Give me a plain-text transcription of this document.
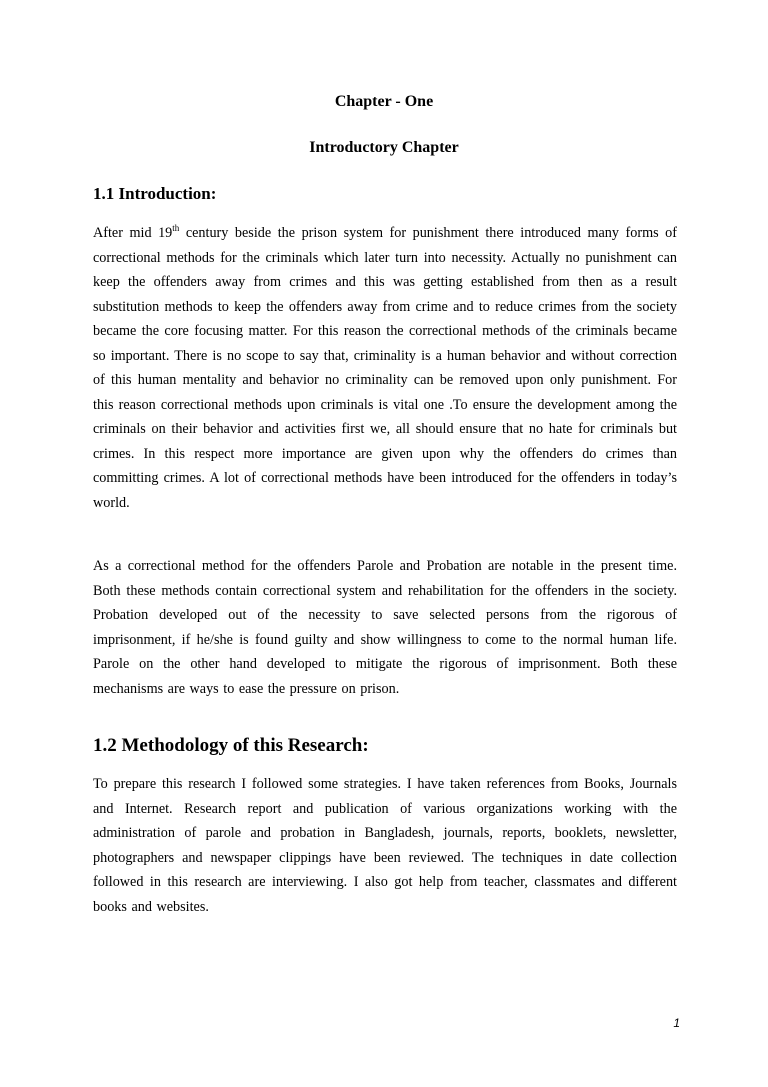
Chapter - One
Introductory Chapter
1.1 Introduction:

After mid 19th century beside the prison system for punishment there introduced many forms of correctional methods for the criminals which later turn into necessity. Actually no punishment can keep the offenders away from crimes and this was getting established from then as a result substitution methods to keep the offenders away from crime and to reduce crimes from the society became the core focusing matter. For this reason the correctional methods of the criminals became so important. There is no scope to say that, criminality is a human behavior and without correction of this human mentality and behavior no criminality can be removed upon only punishment. For this reason correctional methods upon criminals is vital one .To ensure the development among the criminals on their behavior and activities first we, all should ensure that no hate for criminals but crimes. In this respect more importance are given upon why the offenders do crimes than committing crimes. A lot of correctional methods have been introduced for the offenders in today’s world.

As a correctional method for the offenders Parole and Probation are notable in the present time. Both these methods contain correctional system and rehabilitation for the offenders in the society. Probation developed out of the necessity to save selected persons from the rigorous of imprisonment, if he/she is found guilty and show willingness to come to the normal human life. Parole on the other hand developed to mitigate the rigorous of imprisonment. Both these mechanisms are ways to ease the pressure on prison.

1.2 Methodology of this Research:

To prepare this research I followed some strategies. I have taken references from Books, Journals and Internet. Research report and publication of various organizations working with the administration of parole and probation in Bangladesh, journals, reports, booklets, newsletter, photographers and newspaper clippings have been reviewed. The techniques in date collection followed in this research are interviewing. I also got help from teacher, classmates and different books and websites.

1
